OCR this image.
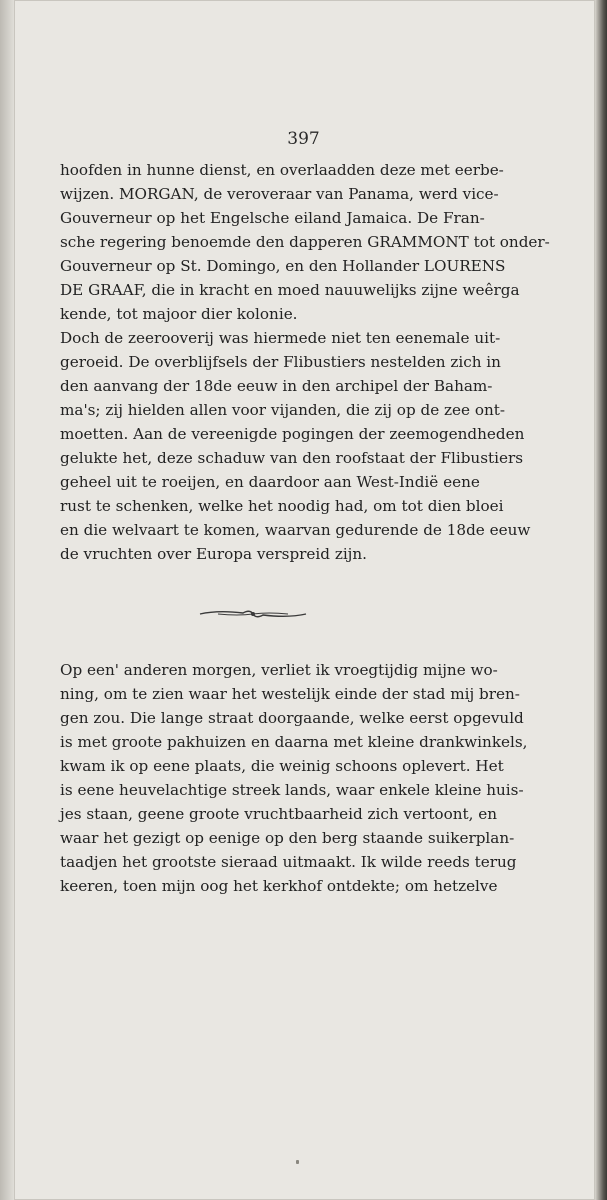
397
hoofden in hunne dienst, en overlaadden deze met eerbe-
wijzen. MORGAN, de veroveraar van Panama, werd vice-
Gouverneur op het Engelsche eiland Jamaica. De Fran-
sche regering benoemde den dapperen GRAMMONT tot onder-
Gouverneur op St. Domingo, en den Hollander LOURENS
DE GRAAF, die in kracht en moed nauuwelijks zijne weêrga
kende, tot majoor dier kolonie.
Doch de zeerooverij was hiermede niet ten eenemale uit-
geroeid. De overblijfsels der Flibustiers nestelden zich in
den aanvang der 18de eeuw in den archipel der Baham-
ma's; zij hielden allen voor vijanden, die zij op de zee ont-
moetten. Aan de vereenigde pogingen der zeemogendheden
gelukte het, deze schaduw van den roofstaat der Flibustiers
geheel uit te roeijen, en daardoor aan West-Indië eene
rust te schenken, welke het noodig had, om tot dien bloei
en die welvaart te komen, waarvan gedurende de 18de eeuw
de vruchten over Europa verspreid zijn.
Op een' anderen morgen, verliet ik vroegtijdig mijne wo-
ning, om te zien waar het westelijk einde der stad mij bren-
gen zou. Die lange straat doorgaande, welke eerst opgevuld
is met groote pakhuizen en daarna met kleine drankwinkels,
kwam ik op eene plaats, die weinig schoons oplevert. Het
is eene heuvelachtige streek lands, waar enkele kleine huis-
jes staan, geene groote vruchtbaarheid zich vertoont, en
waar het gezigt op eenige op den berg staande suikerplan-
taadjen het grootste sieraad uitmaakt. Ik wilde reeds terug
keeren, toen mijn oog het kerkhof ontdekte; om hetzelve
